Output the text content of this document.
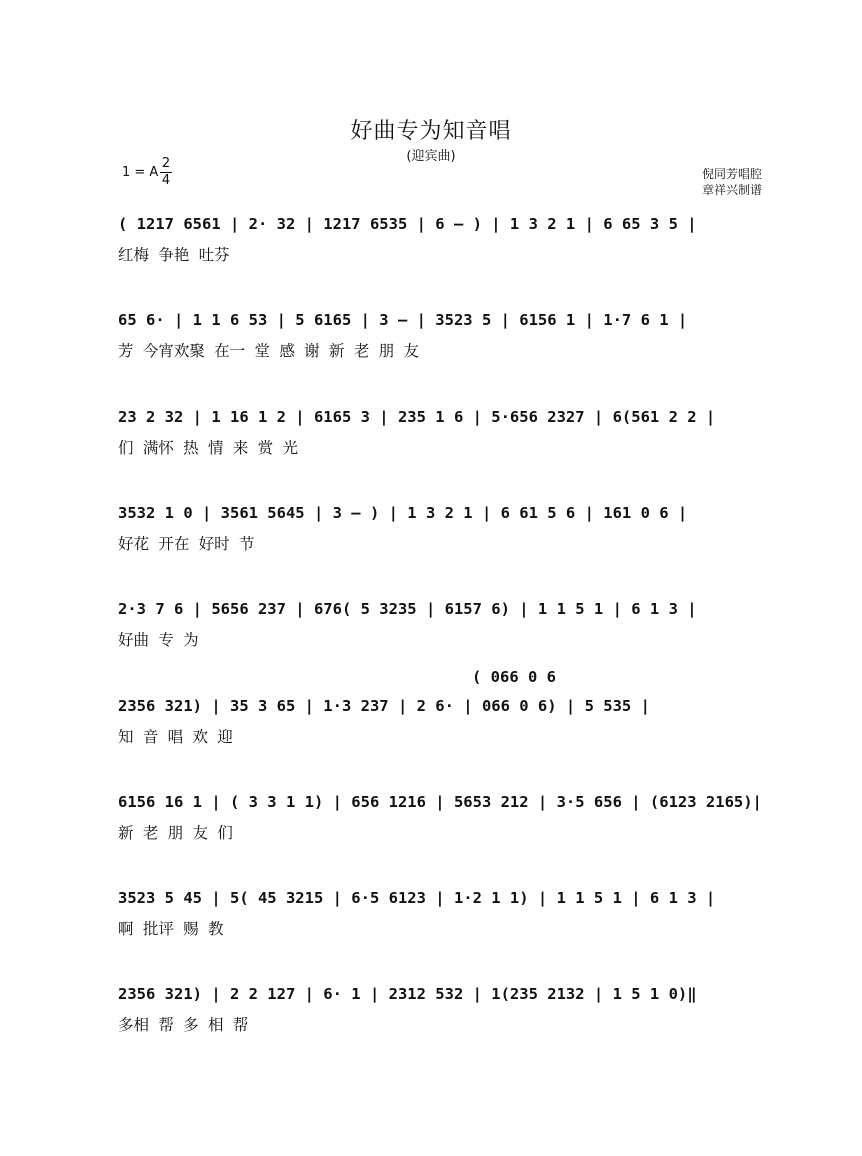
好曲专为知音唱
(迎宾曲)
1 = A
2
4	倪同芳唱腔
章祥兴制谱
( 1217 6561 | 2· 32 | 1217 6535 | 6 – ) | 1 3 2 1 | 6 65 3 5 |
红梅 争艳 吐芬
65 6· | 1 1 6 53 | 5 6165 | 3 – | 3523 5 | 6156 1 | 1·7 6 1 |
芳 今宵欢聚 在一 堂 感 谢 新 老 朋 友
23 2 32 | 1 16 1 2 | 6165 3 | 235 1 6 | 5·656 2327 | 6(561 2 2 |
们 满怀 热 情 来 赏 光
3532 1 0 | 3561 5645 | 3 – ) | 1 3 2 1 | 6 61 5 6 | 161 0 6 |
好花 开在 好时 节
2·3 7 6 | 5656 237 | 676( 5 3235 | 6157 6) | 1 1 5 1 | 6 1 3 |
好曲 专 为
( 066 0 6
2356 321) | 35 3 65 | 1·3 237 | 2 6· | 066 0 6) | 5 535 |
知 音 唱 欢 迎
6156 16 1 | ( 3 3 1 1) | 656 1216 | 5653 212 | 3·5 656 | (6123 2165)|
新 老 朋 友 们
3523 5 45 | 5( 45 3215 | 6·5 6123 | 1·2 1 1) | 1 1 5 1 | 6 1 3 |
啊 批评 赐 教
2356 321) | 2 2 127 | 6· 1 | 2312 532 | 1(235 2132 | 1 5 1 0)‖
多相 帮 多 相 帮
